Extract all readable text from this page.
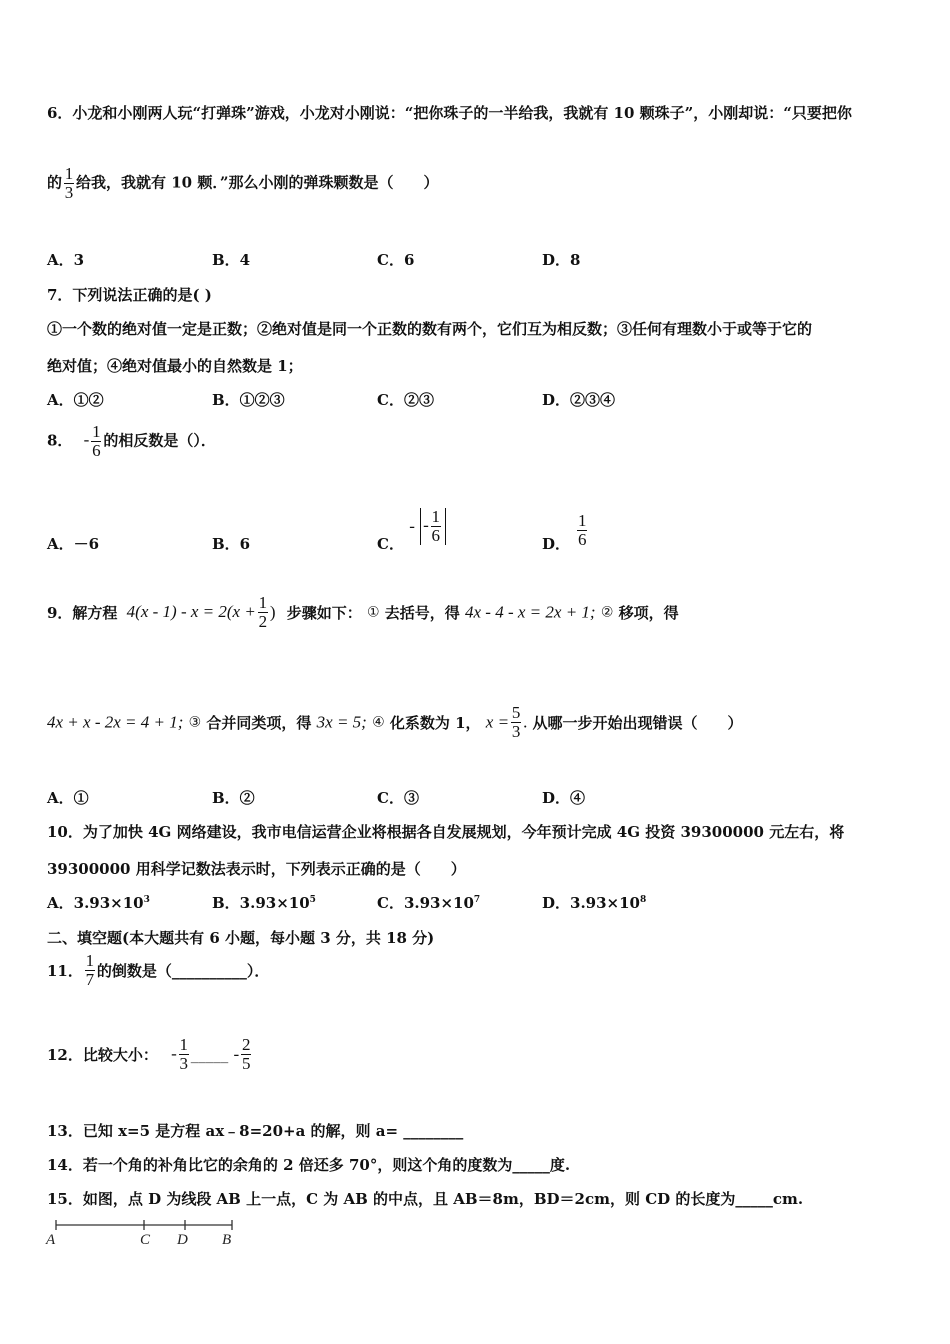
6．小龙和小刚两人玩“打弹珠”游戏，小龙对小刚说：“把你珠子的一半给我，我就有 10 颗珠子”，小刚却说：“只要把你
的 $\frac{1}{3}$ 给我，我就有 10 颗．”那么小刚的弹珠颗数是（　　）
A．3	B．4	C．6	D．8
7．下列说法正确的是( )
①一个数的绝对值一定是正数；②绝对值是同一个正数的数有两个，它们互为相反数；③任何有理数小于或等于它的
绝对值；④绝对值最小的自然数是 1；
A．①②	B．①②③	C．②③	D．②③④
8． - $\frac{1}{6}$ 的相反数是（）．
A．－6	B．6	C． - - $\frac{1}{6}$	D． $\frac{1}{6}$
9．解方程 $4(x - 1) - x = 2(x + \frac{1}{2}$ ) 步骤如下： ① 去括号，得 4x - 4 - x = 2x + 1; ② 移项，得
4x + x - 2x = 4 + 1; ③ 合并同类项，得 3x = 5; ④ 化系数为 1， $x = \frac{5}{3}$ . 从哪一步开始出现错误（　　）
A．①	B．②	C．③	D．④
10．为了加快 4G 网络建设，我市电信运营企业将根据各自发展规划，今年预计完成 4G 投资 39300000 元左右，将
39300000 用科学记数法表示时，下列表示正确的是（　　）
A．$3.93\times 10^3$	B．$3.93\times 10^5$	C．$3.93\times 10^7$	D．$3.93\times 10^8$
二、填空题(本大题共有 6 小题，每小题 3 分，共 18 分)
11． $\frac{1}{7}$ 的倒数是（__________）．
12．比较大小： - $\frac{1}{3}$ _____ - $\frac{2}{5}$
13．已知 x=5 是方程 ax﹣8=20+a 的解，则 a= ________
14．若一个角的补角比它的余角的 2 倍还多 70°，则这个角的度数为_____度.
15．如图，点 D 为线段 AB 上一点，C 为 AB 的中点，且 AB＝8m，BD＝2cm，则 CD 的长度为_____cm.
A	C D B
